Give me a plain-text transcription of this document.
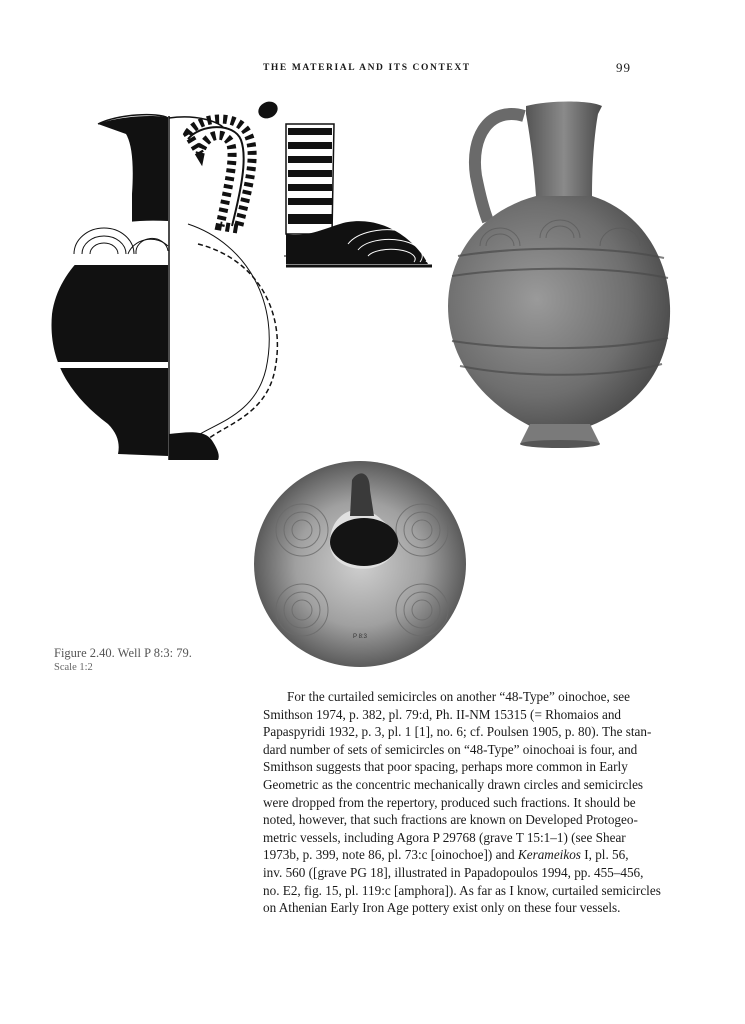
THE MATERIAL AND ITS CONTEXT	99
P 8:3
Figure 2.40. Well P 8:3: 79.
Scale 1:2

For the curtailed semicircles on another “48-Type” oinochoe, see
Smithson 1974, p. 382, pl. 79:d, Ph. II-NM 15315 (= Rhomaios and
Papaspyridi 1932, p. 3, pl. 1 [1], no. 6; cf. Poulsen 1905, p. 80). The stan-
dard number of sets of semicircles on “48-Type” oinochoai is four, and
Smithson suggests that poor spacing, perhaps more common in Early
Geometric as the concentric mechanically drawn circles and semicircles
were dropped from the repertory, produced such fractions. It should be
noted, however, that such fractions are known on Developed Protogeo-
metric vessels, including Agora P 29768 (grave T 15:1–1) (see Shear
1973b, p. 399, note 86, pl. 73:c [oinochoe]) and Kerameikos I, pl. 56,
inv. 560 ([grave PG 18], illustrated in Papadopoulos 1994, pp. 455–456,
no. E2, fig. 15, pl. 119:c [amphora]). As far as I know, curtailed semicircles
on Athenian Early Iron Age pottery exist only on these four vessels.
